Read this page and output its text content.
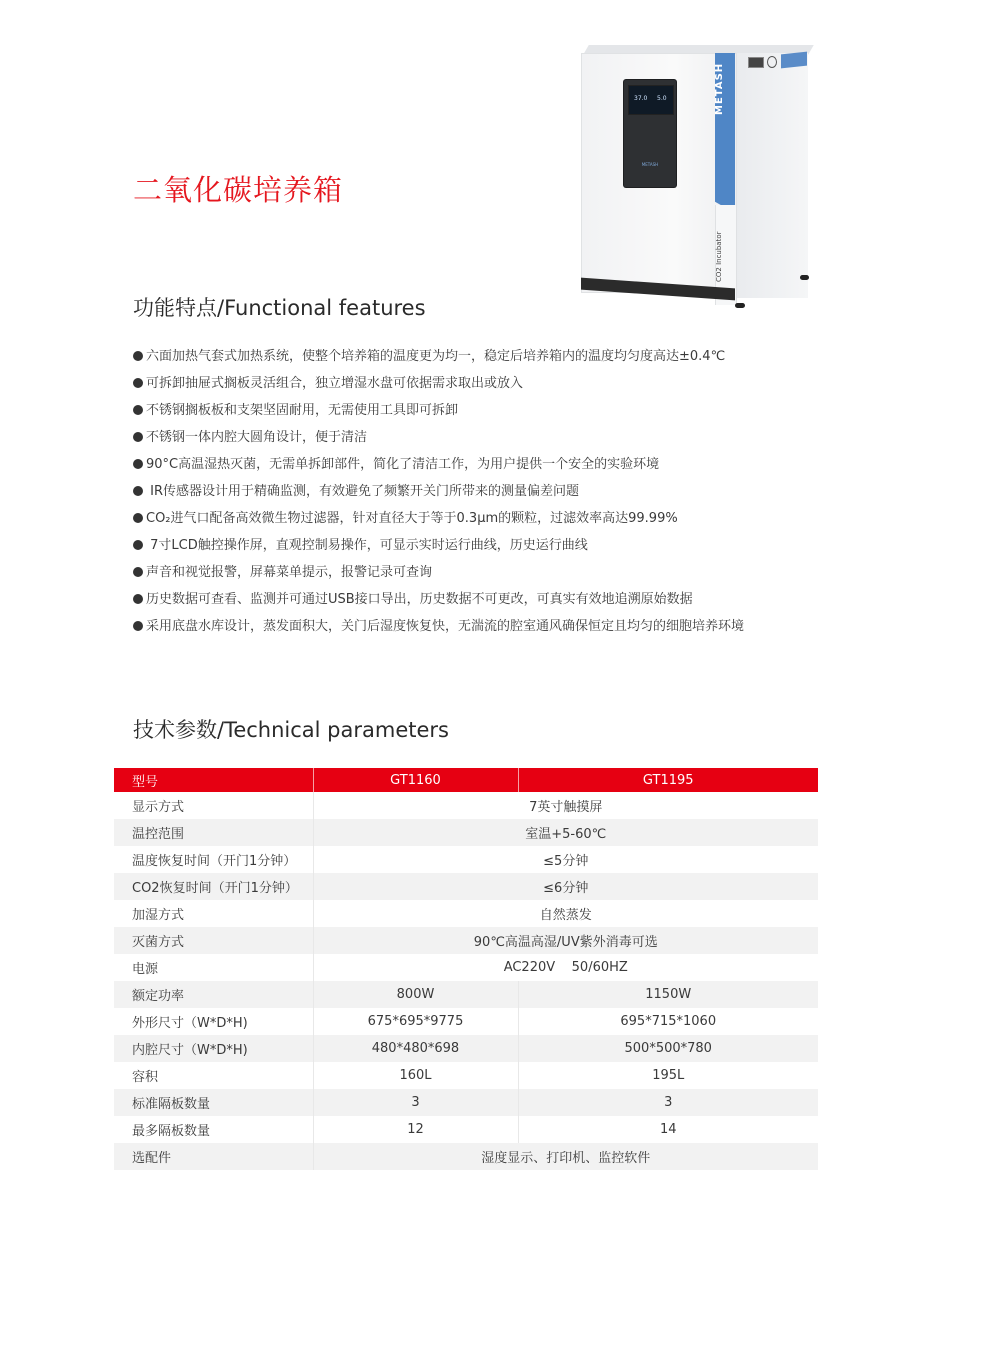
二氧化碳培养箱
37.0 5.0
METASH
METASH
CO2 Incubator
功能特点/Functional features
六面加热气套式加热系统，使整个培养箱的温度更为均一，稳定后培养箱内的温度均匀度高达±0.4℃
可拆卸抽屉式搁板灵活组合，独立增湿水盘可依据需求取出或放入
不锈钢搁板板和支架坚固耐用，无需使用工具即可拆卸
不锈钢一体内腔大圆角设计，便于清洁
90°C高温湿热灭菌，无需单拆卸部件，简化了清洁工作，为用户提供一个安全的实验环境
IR传感器设计用于精确监测，有效避免了频繁开关门所带来的测量偏差问题
CO₂进气口配备高效微生物过滤器，针对直径大于等于0.3μm的颗粒，过滤效率高达99.99%
7寸LCD触控操作屏，直观控制易操作，可显示实时运行曲线，历史运行曲线
声音和视觉报警，屏幕菜单提示，报警记录可查询
历史数据可查看、监测并可通过USB接口导出，历史数据不可更改，可真实有效地追溯原始数据
采用底盘水库设计，蒸发面积大，关门后湿度恢复快，无湍流的腔室通风确保恒定且均匀的细胞培养环境
技术参数/Technical parameters
型号	GT1160	GT1195
显示方式	7英寸触摸屏	
温控范围	室温+5-60℃	
温度恢复时间（开门1分钟）	≤5分钟	
CO2恢复时间（开门1分钟）	≤6分钟	
加湿方式	自然蒸发	
灭菌方式	90℃高温高湿/UV紫外消毒可选	
电源	AC220V    50/60HZ	
额定功率	800W	1150W
外形尺寸（W*D*H)	675*695*9775	695*715*1060
内腔尺寸（W*D*H)	480*480*698	500*500*780
容积	160L	195L
标准隔板数量	3	3
最多隔板数量	12	14
选配件	湿度显示、打印机、监控软件	
